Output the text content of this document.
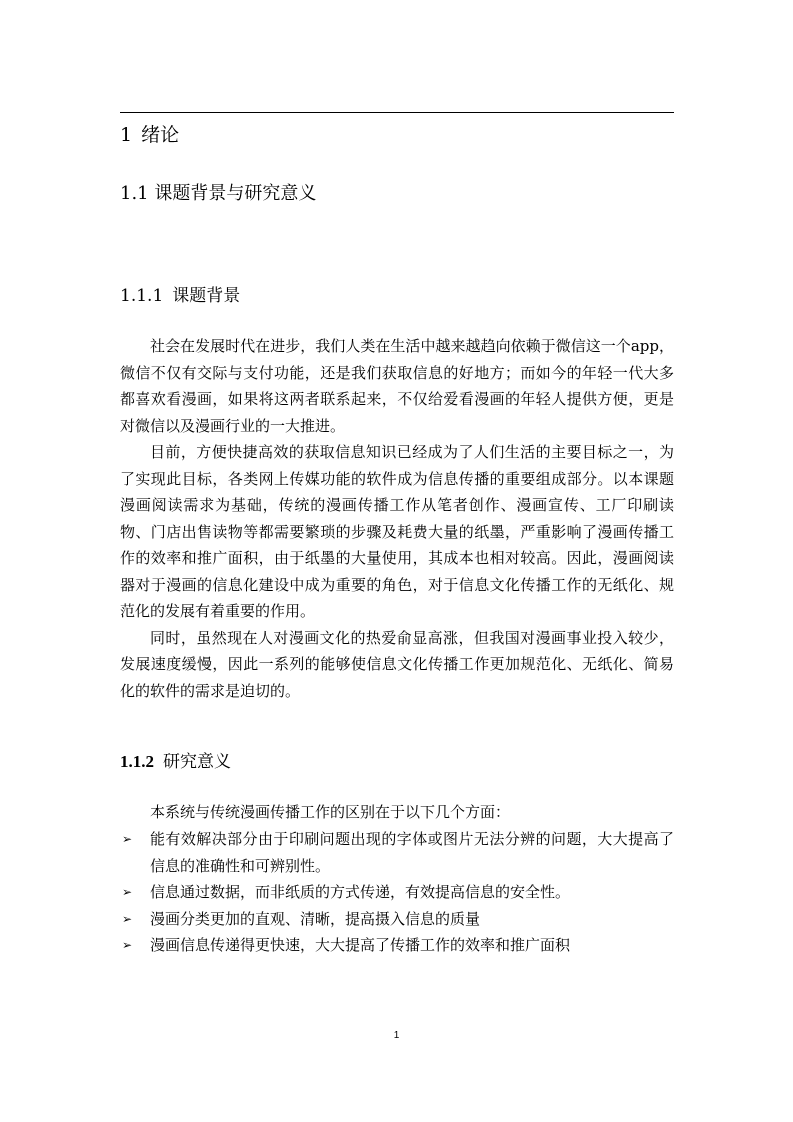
1 绪论
1.1 课题背景与研究意义
1.1.1 课题背景

社会在发展时代在进步，我们人类在生活中越来越趋向依赖于微信这一个app，微信不仅有交际与支付功能，还是我们获取信息的好地方；而如今的年轻一代大多都喜欢看漫画，如果将这两者联系起来，不仅给爱看漫画的年轻人提供方便，更是对微信以及漫画行业的一大推进。

目前，方便快捷高效的获取信息知识已经成为了人们生活的主要目标之一，为了实现此目标，各类网上传媒功能的软件成为信息传播的重要组成部分。以本课题漫画阅读需求为基础，传统的漫画传播工作从笔者创作、漫画宣传、工厂印刷读物、门店出售读物等都需要繁琐的步骤及耗费大量的纸墨，严重影响了漫画传播工作的效率和推广面积，由于纸墨的大量使用，其成本也相对较高。因此，漫画阅读器对于漫画的信息化建设中成为重要的角色，对于信息文化传播工作的无纸化、规范化的发展有着重要的作用。

同时，虽然现在人对漫画文化的热爱俞显高涨，但我国对漫画事业投入较少，发展速度缓慢，因此一系列的能够使信息文化传播工作更加规范化、无纸化、简易化的软件的需求是迫切的。

1.1.2 研究意义

本系统与传统漫画传播工作的区别在于以下几个方面：

➢ 能有效解决部分由于印刷问题出现的字体或图片无法分辨的问题，大大提高了信息的准确性和可辨别性。
➢ 信息通过数据，而非纸质的方式传递，有效提高信息的安全性。
➢ 漫画分类更加的直观、清晰，提高摄入信息的质量
➢ 漫画信息传递得更快速，大大提高了传播工作的效率和推广面积
1
